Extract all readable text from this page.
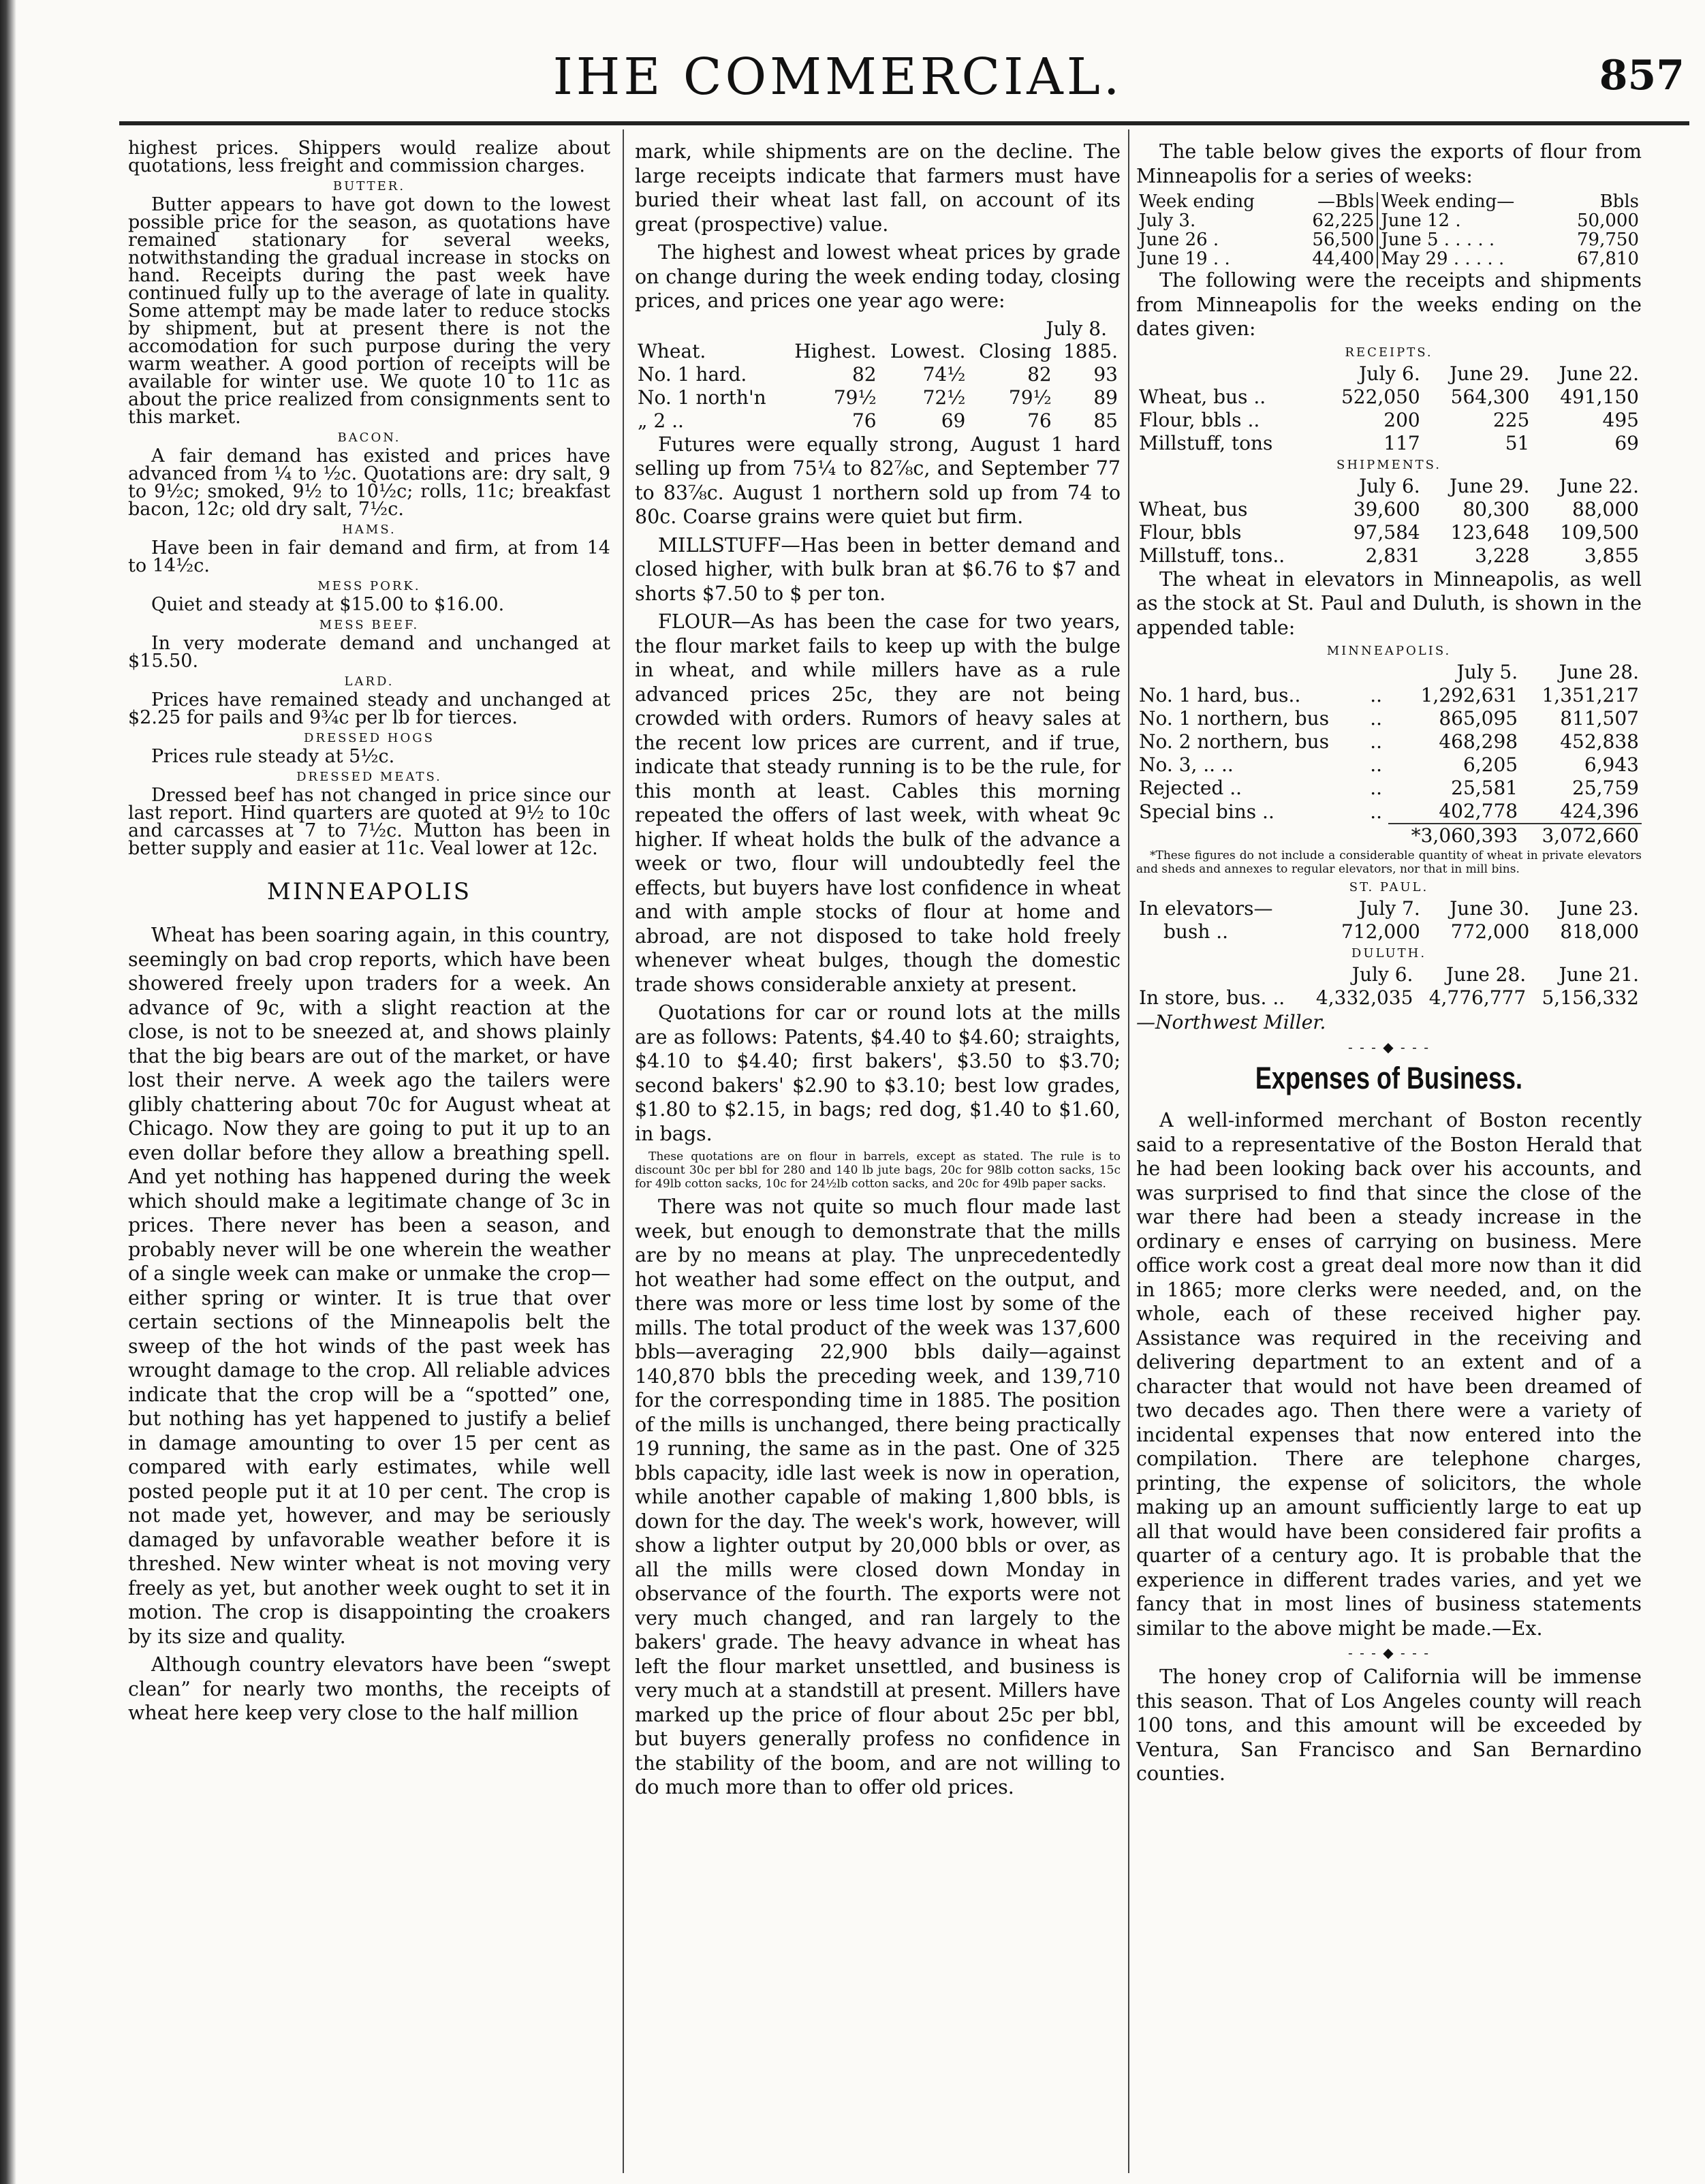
IHE COMMERCIAL.	857

highest prices. Shippers would realize about quotations, less freight and commission charges.

BUTTER.

Butter appears to have got down to the lowest possible price for the season, as quotations have remained stationary for several weeks, notwithstanding the gradual increase in stocks on hand. Receipts during the past week have continued fully up to the average of late in quality. Some attempt may be made later to reduce stocks by shipment, but at present there is not the accomodation for such purpose during the very warm weather. A good portion of receipts will be available for winter use. We quote 10 to 11c as about the price realized from consignments sent to this market.

BACON.

A fair demand has existed and prices have advanced from ¼ to ½c. Quotations are: dry salt, 9 to 9½c; smoked, 9½ to 10½c; rolls, 11c; breakfast bacon, 12c; old dry salt, 7½c.

HAMS.

Have been in fair demand and firm, at from 14 to 14½c.

MESS PORK.

Quiet and steady at $15.00 to $16.00.

MESS BEEF.

In very moderate demand and unchanged at $15.50.

LARD.

Prices have remained steady and unchanged at $2.25 for pails and 9¾c per lb for tierces.

DRESSED HOGS

Prices rule steady at 5½c.

DRESSED MEATS.

Dressed beef has not changed in price since our last report. Hind quarters are quoted at 9½ to 10c and carcasses at 7 to 7½c. Mutton has been in better supply and easier at 11c. Veal lower at 12c.

MINNEAPOLIS

Wheat has been soaring again, in this country, seemingly on bad crop reports, which have been showered freely upon traders for a week. An advance of 9c, with a slight reaction at the close, is not to be sneezed at, and shows plainly that the big bears are out of the market, or have lost their nerve. A week ago the tailers were glibly chattering about 70c for August wheat at Chicago. Now they are going to put it up to an even dollar before they allow a breathing spell. And yet nothing has happened during the week which should make a legitimate change of 3c in prices. There never has been a season, and probably never will be one wherein the weather of a single week can make or unmake the crop—either spring or winter. It is true that over certain sections of the Minneapolis belt the sweep of the hot winds of the past week has wrought damage to the crop. All reliable advices indicate that the crop will be a “spotted” one, but nothing has yet happened to justify a belief in damage amounting to over 15 per cent as compared with early estimates, while well posted people put it at 10 per cent. The crop is not made yet, however, and may be seriously damaged by unfavorable weather before it is threshed. New winter wheat is not moving very freely as yet, but another week ought to set it in motion. The crop is disappointing the croakers by its size and quality.

Although country elevators have been “swept clean” for nearly two months, the receipts of wheat here keep very close to the half million

mark, while shipments are on the decline. The large receipts indicate that farmers must have buried their wheat last fall, on account of its great (prospective) value.

The highest and lowest wheat prices by grade on change during the week ending today, closing prices, and prices one year ago were:

July 8.
Wheat.	Highest.	Lowest.	Closing	1885.
No. 1 hard.	82	74½	82	93
No. 1 north'n	79½	72½	79½	89
„ 2 ..	76	69	76	85

Futures were equally strong, August 1 hard selling up from 75¼ to 82⅞c, and September 77 to 83⅞c. August 1 northern sold up from 74 to 80c. Coarse grains were quiet but firm.

MILLSTUFF—Has been in better demand and closed higher, with bulk bran at $6.76 to $7 and shorts $7.50 to $ per ton.

FLOUR—As has been the case for two years, the flour market fails to keep up with the bulge in wheat, and while millers have as a rule advanced prices 25c, they are not being crowded with orders. Rumors of heavy sales at the recent low prices are current, and if true, indicate that steady running is to be the rule, for this month at least. Cables this morning repeated the offers of last week, with wheat 9c higher. If wheat holds the bulk of the advance a week or two, flour will undoubtedly feel the effects, but buyers have lost confidence in wheat and with ample stocks of flour at home and abroad, are not disposed to take hold freely whenever wheat bulges, though the domestic trade shows considerable anxiety at present.

Quotations for car or round lots at the mills are as follows: Patents, $4.40 to $4.60; straights, $4.10 to $4.40; first bakers', $3.50 to $3.70; second bakers' $2.90 to $3.10; best low grades, $1.80 to $2.15, in bags; red dog, $1.40 to $1.60, in bags.

These quotations are on flour in barrels, except as stated. The rule is to discount 30c per bbl for 280 and 140 lb jute bags, 20c for 98lb cotton sacks, 15c for 49lb cotton sacks, 10c for 24½lb cotton sacks, and 20c for 49lb paper sacks.

There was not quite so much flour made last week, but enough to demonstrate that the mills are by no means at play. The unprecedentedly hot weather had some effect on the output, and there was more or less time lost by some of the mills. The total product of the week was 137,600 bbls—averaging 22,900 bbls daily—against 140,870 bbls the preceding week, and 139,710 for the corresponding time in 1885. The position of the mills is unchanged, there being practically 19 running, the same as in the past. One of 325 bbls capacity, idle last week is now in operation, while another capable of making 1,800 bbls, is down for the day. The week's work, however, will show a lighter output by 20,000 bbls or over, as all the mills were closed down Monday in observance of the fourth. The exports were not very much changed, and ran largely to the bakers' grade. The heavy advance in wheat has left the flour market unsettled, and business is very much at a standstill at present. Millers have marked up the price of flour about 25c per bbl, but buyers generally profess no confidence in the stability of the boom, and are not willing to do much more than to offer old prices.

The table below gives the exports of flour from Minneapolis for a series of weeks:

Week ending	—Bbls	Week ending—	Bbls
July 3.	62,225	June 12 .	50,000
June 26 .	56,500	June 5 . . . . .	79,750
June 19 . .	44,400	May 29 . . . . .	67,810

The following were the receipts and shipments from Minneapolis for the weeks ending on the dates given:

RECEIPTS.
	July 6.	June 29.	June 22.
Wheat, bus ..	522,050	564,300	491,150
Flour, bbls ..	200	225	495
Millstuff, tons	117	51	69
SHIPMENTS.
	July 6.	June 29.	June 22.
Wheat, bus	39,600	80,300	88,000
Flour, bbls	97,584	123,648	109,500
Millstuff, tons..	2,831	3,228	3,855

The wheat in elevators in Minneapolis, as well as the stock at St. Paul and Duluth, is shown in the appended table:

MINNEAPOLIS.
		July 5.	June 28.
No. 1 hard, bus..	..	1,292,631	1,351,217
No. 1 northern, bus	..	865,095	811,507
No. 2 northern, bus	..	468,298	452,838
No. 3, .. ..	..	6,205	6,943
Rejected ..	..	25,581	25,759
Special bins ..	..	402,778	424,396
		*3,060,393	3,072,660

*These figures do not include a considerable quantity of wheat in private elevators and sheds and annexes to regular elevators, nor that in mill bins.

ST. PAUL.
In elevators—	July 7.	June 30.	June 23.
bush ..	712,000	772,000	818,000
DULUTH.
	July 6.	June 28.	June 21.
In store, bus. ..	4,332,035	4,776,777	5,156,332
—Northwest Miller.
- - - ◆ - - -
Expenses of Business.

A well-informed merchant of Boston recently said to a representative of the Boston Herald that he had been looking back over his accounts, and was surprised to find that since the close of the war there had been a steady increase in the ordinary e enses of carrying on business. Mere office work cost a great deal more now than it did in 1865; more clerks were needed, and, on the whole, each of these received higher pay. Assistance was required in the receiving and delivering department to an extent and of a character that would not have been dreamed of two decades ago. Then there were a variety of incidental expenses that now entered into the compilation. There are telephone charges, printing, the expense of solicitors, the whole making up an amount sufficiently large to eat up all that would have been considered fair profits a quarter of a century ago. It is probable that the experience in different trades varies, and yet we fancy that in most lines of business statements similar to the above might be made.—Ex.

- - - ◆ - - -

The honey crop of California will be immense this season. That of Los Angeles county will reach 100 tons, and this amount will be exceeded by Ventura, San Francisco and San Bernardino counties.
